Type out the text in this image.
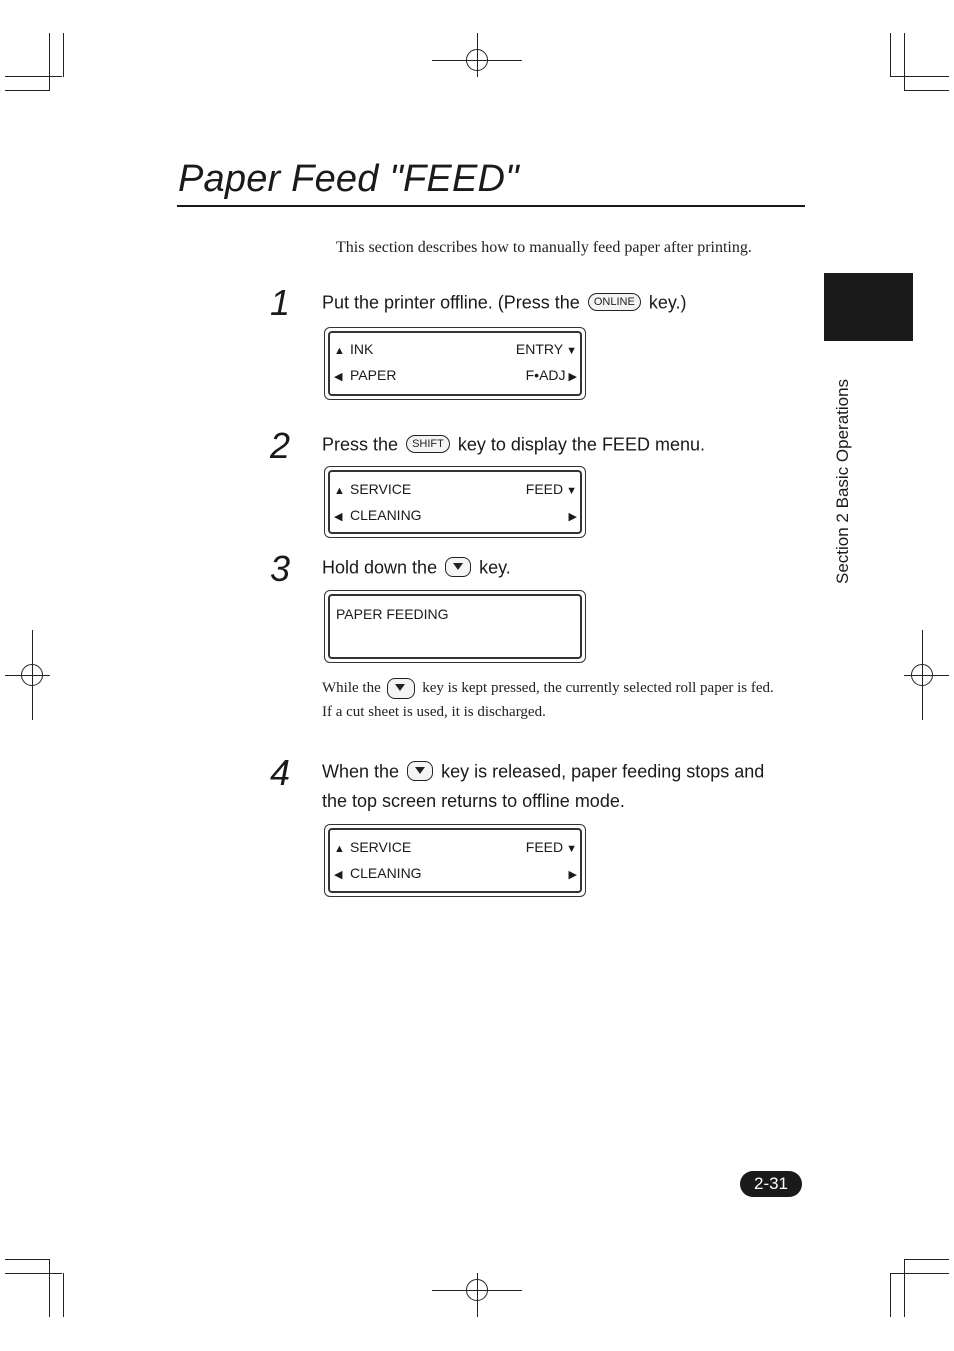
Paper Feed "FEED"
This section describes how to manually feed paper after printing.
1 Put the printer offline. (Press the ONLINE key.)
▲ INK	ENTRY ▼
◀ PAPER	F•ADJ ▶
2 Press the SHIFT key to display the FEED menu.
▲ SERVICE	FEED ▼
◀ CLEANING	▶
3 Hold down the key.
PAPER FEEDING
While the	key is kept pressed, the currently selected roll paper is fed.
If a cut sheet is used, it is discharged.
4 When the key is released, paper feeding stops and
the top screen returns to offline mode.
▲ SERVICE	FEED ▼
◀ CLEANING	▶
Section 2 Basic Operations
2-31
